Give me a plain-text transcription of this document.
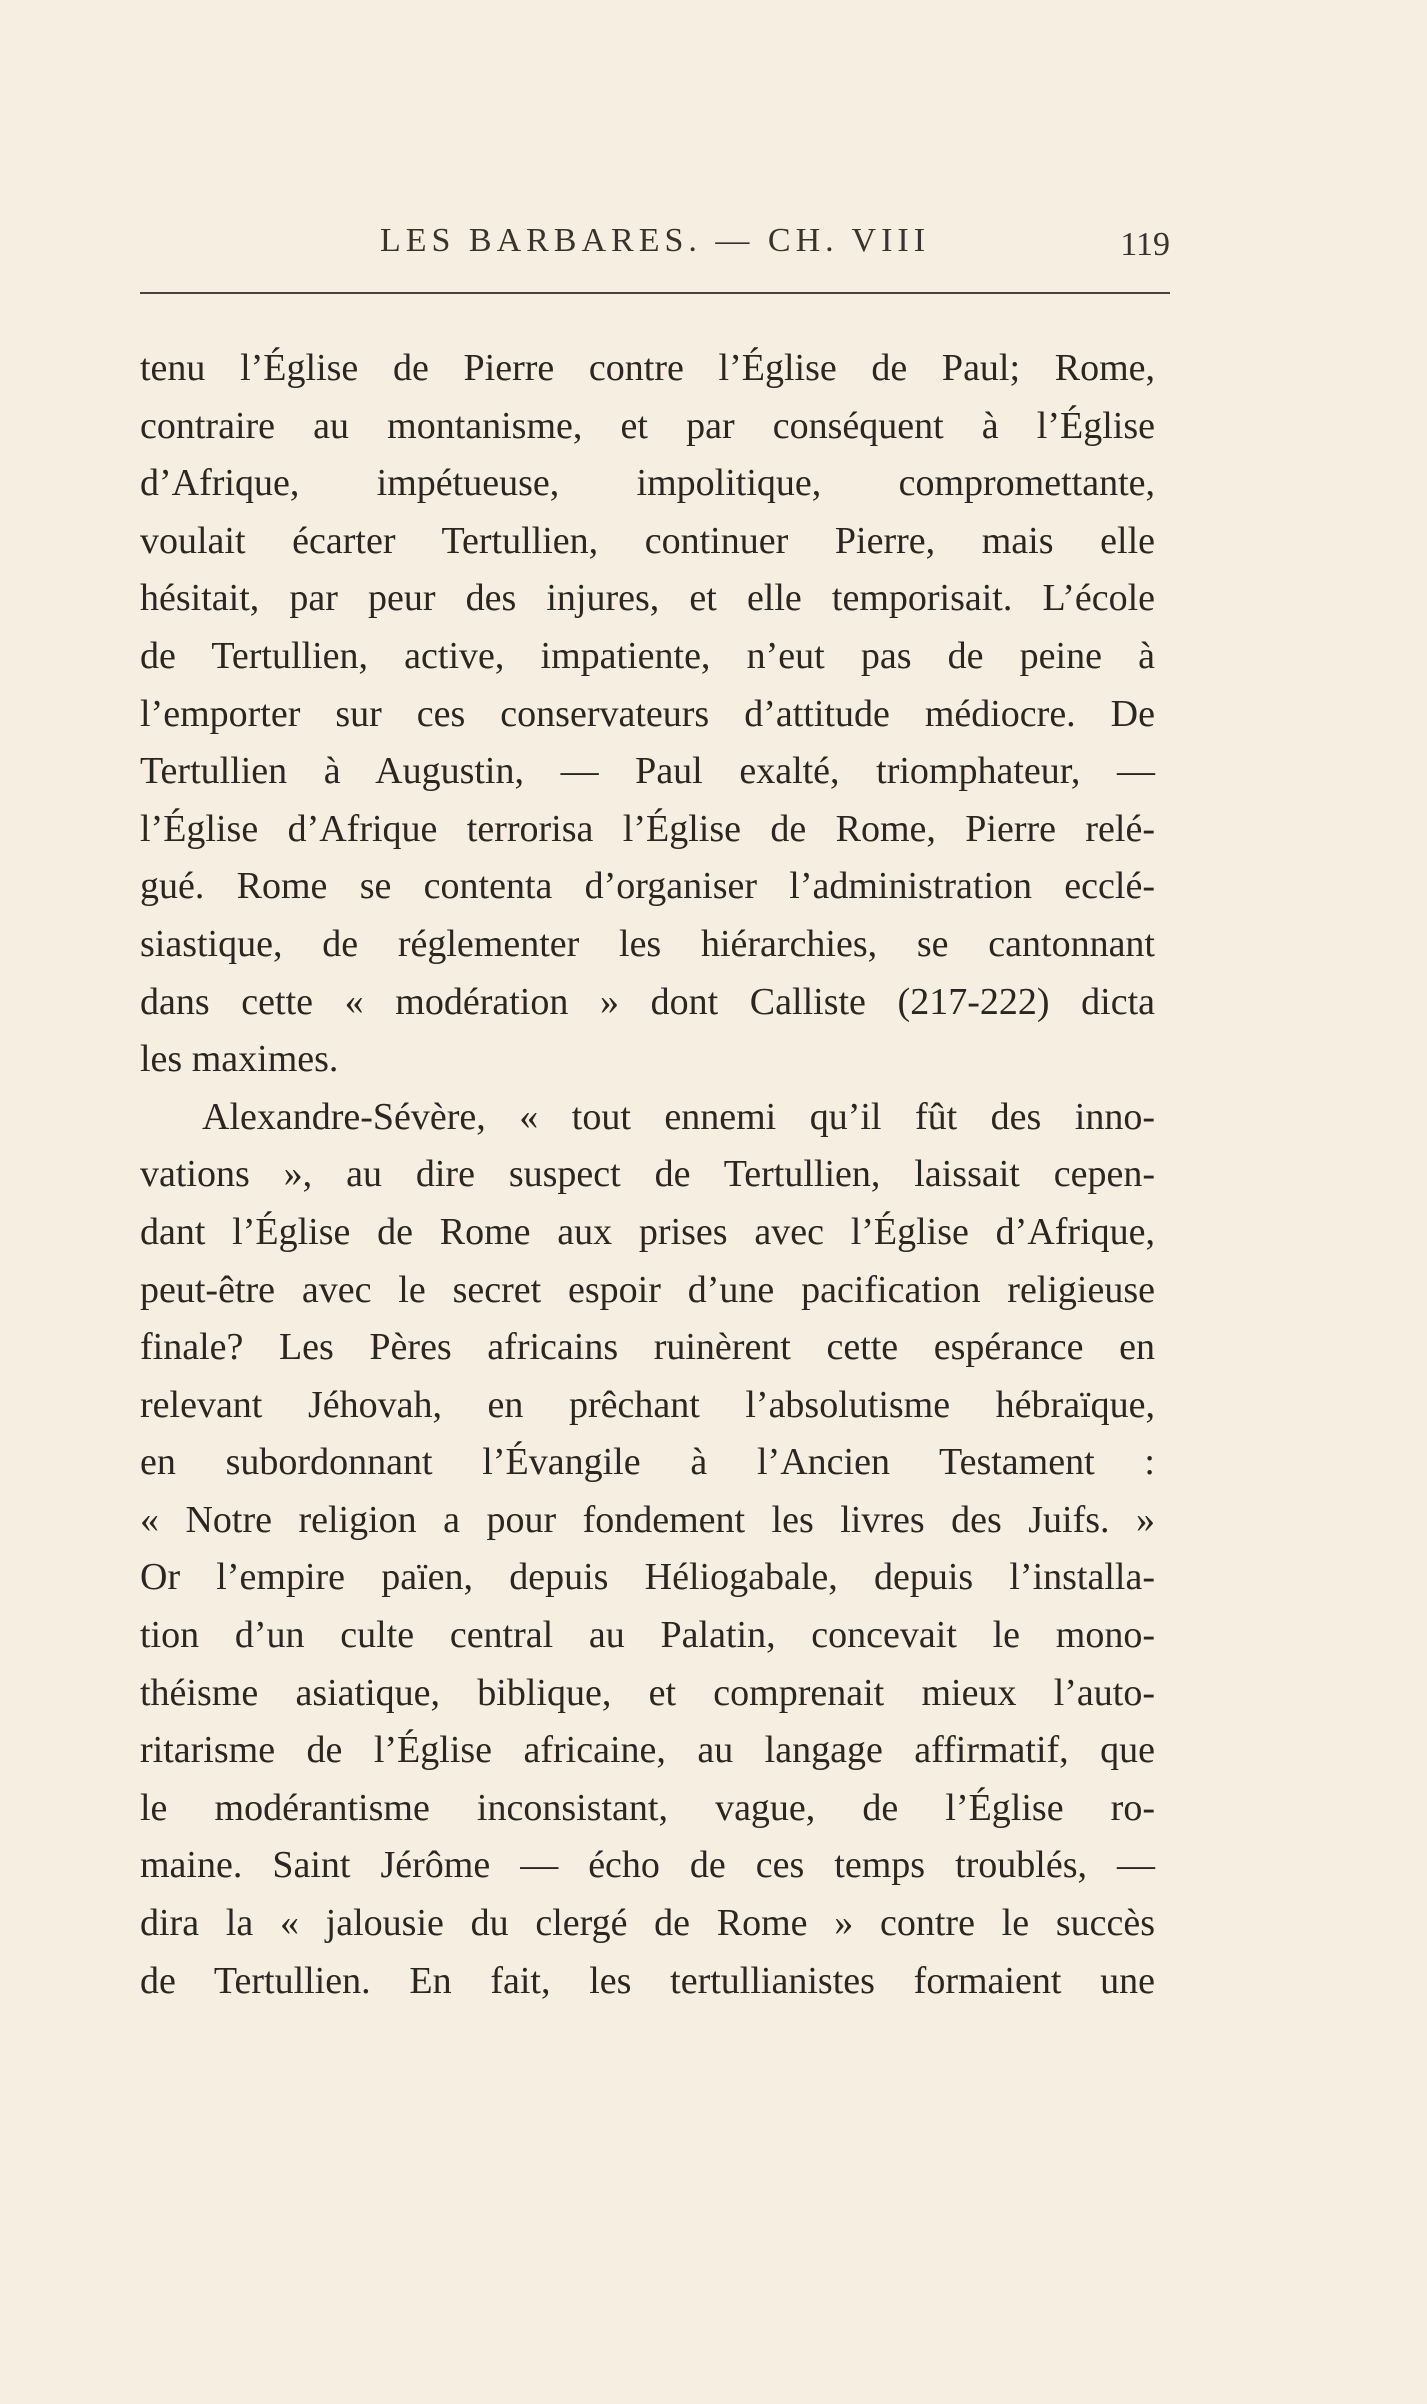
LES BARBARES. — CH. VIII	119
tenu l’Église de Pierre contre l’Église de Paul; Rome,
contraire au montanisme, et par conséquent à l’Église
d’Afrique, impétueuse, impolitique, compromettante,
voulait écarter Tertullien, continuer Pierre, mais elle
hésitait, par peur des injures, et elle temporisait. L’école
de Tertullien, active, impatiente, n’eut pas de peine à
l’emporter sur ces conservateurs d’attitude médiocre. De
Tertullien à Augustin, — Paul exalté, triomphateur, —
l’Église d’Afrique terrorisa l’Église de Rome, Pierre relé-
gué. Rome se contenta d’organiser l’administration ecclé-
siastique, de réglementer les hiérarchies, se cantonnant
dans cette « modération » dont Calliste (217-222) dicta
les maximes.
Alexandre-Sévère, « tout ennemi qu’il fût des inno-
vations », au dire suspect de Tertullien, laissait cepen-
dant l’Église de Rome aux prises avec l’Église d’Afrique,
peut-être avec le secret espoir d’une pacification religieuse
finale? Les Pères africains ruinèrent cette espérance en
relevant Jéhovah, en prêchant l’absolutisme hébraïque,
en subordonnant l’Évangile à l’Ancien Testament :
« Notre religion a pour fondement les livres des Juifs. »
Or l’empire païen, depuis Héliogabale, depuis l’installa-
tion d’un culte central au Palatin, concevait le mono-
théisme asiatique, biblique, et comprenait mieux l’auto-
ritarisme de l’Église africaine, au langage affirmatif, que
le modérantisme inconsistant, vague, de l’Église ro-
maine. Saint Jérôme — écho de ces temps troublés, —
dira la « jalousie du clergé de Rome » contre le succès
de Tertullien. En fait, les tertullianistes formaient une
